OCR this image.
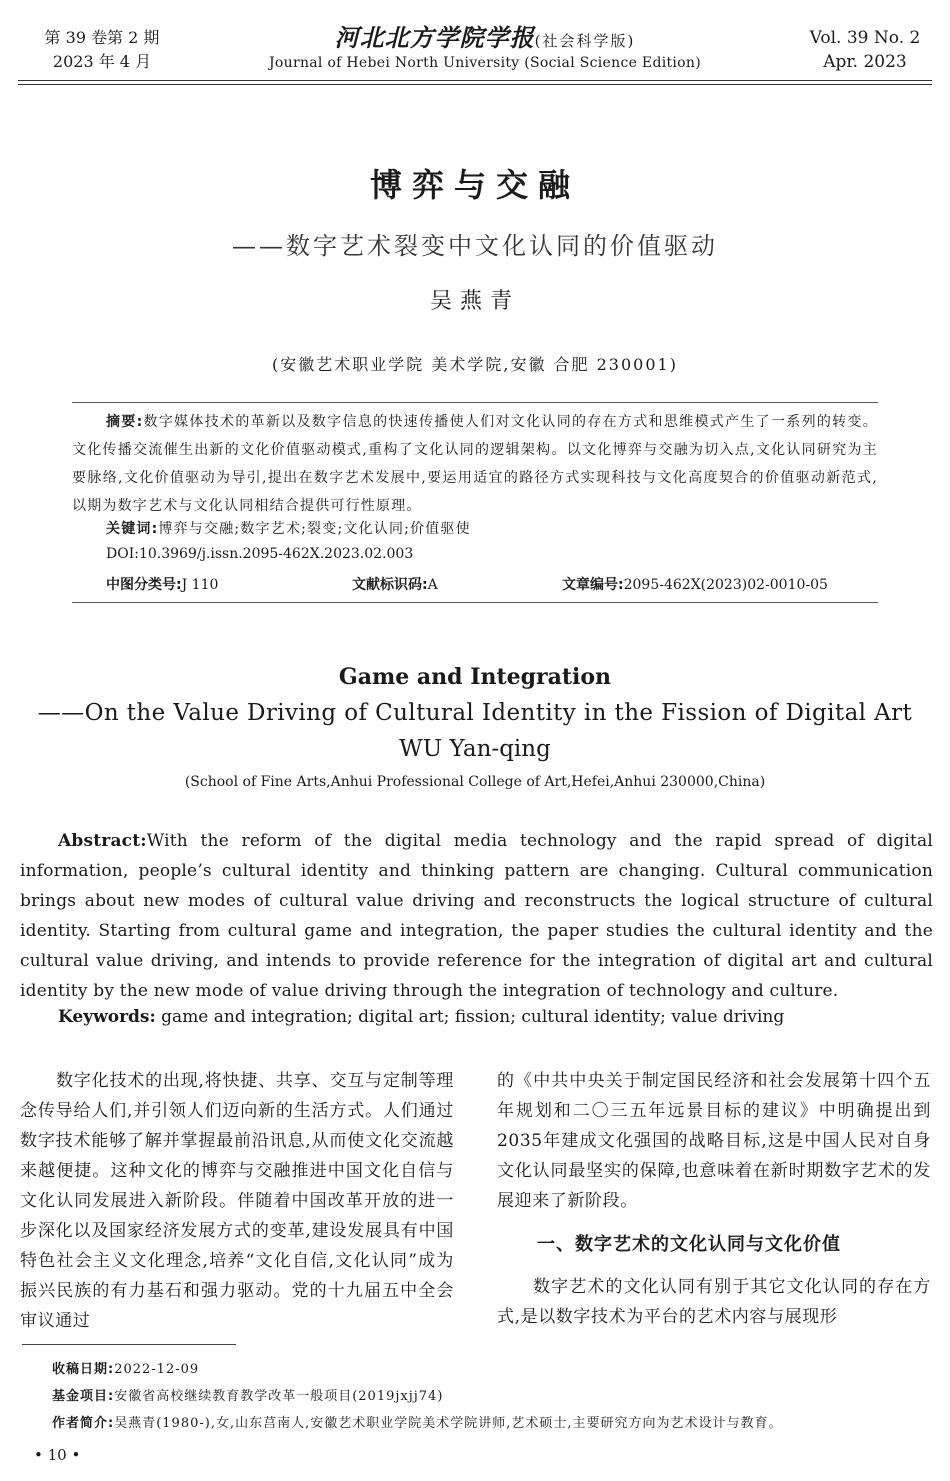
第 39 卷第 2 期
2023 年 4 月
河北北方学院学报(社会科学版)
Journal of Hebei North University (Social Science Edition)
Vol. 39 No. 2
Apr. 2023
博弈与交融
——数字艺术裂变中文化认同的价值驱动
吴燕青
(安徽艺术职业学院 美术学院,安徽 合肥 230001)
摘要:数字媒体技术的革新以及数字信息的快速传播使人们对文化认同的存在方式和思维模式产生了一系列的转变。文化传播交流催生出新的文化价值驱动模式,重构了文化认同的逻辑架构。以文化博弈与交融为切入点,文化认同研究为主要脉络,文化价值驱动为导引,提出在数字艺术发展中,要运用适宜的路径方式实现科技与文化高度契合的价值驱动新范式,以期为数字艺术与文化认同相结合提供可行性原理。
关键词:博弈与交融;数字艺术;裂变;文化认同;价值驱使
DOI:10.3969/j.issn.2095-462X.2023.02.003
中图分类号:J 110	文献标识码:A	文章编号:2095-462X(2023)02-0010-05
Game and Integration
——On the Value Driving of Cultural Identity in the Fission of Digital Art
WU Yan-qing
(School of Fine Arts,Anhui Professional College of Art,Hefei,Anhui 230000,China)
Abstract:With the reform of the digital media technology and the rapid spread of digital information, people’s cultural identity and thinking pattern are changing. Cultural communication brings about new modes of cultural value driving and reconstructs the logical structure of cultural identity. Starting from cultural game and integration, the paper studies the cultural identity and the cultural value driving, and intends to provide reference for the integration of digital art and cultural identity by the new mode of value driving through the integration of technology and culture.
Keywords: game and integration; digital art; fission; cultural identity; value driving
数字化技术的出现,将快捷、共享、交互与定制等理念传导给人们,并引领人们迈向新的生活方式。人们通过数字技术能够了解并掌握最前沿讯息,从而使文化交流越来越便捷。这种文化的博弈与交融推进中国文化自信与文化认同发展进入新阶段。伴随着中国改革开放的进一步深化以及国家经济发展方式的变革,建设发展具有中国特色社会主义文化理念,培养“文化自信,文化认同”成为振兴民族的有力基石和强力驱动。党的十九届五中全会审议通过
的《中共中央关于制定国民经济和社会发展第十四个五年规划和二〇三五年远景目标的建议》中明确提出到2035年建成文化强国的战略目标,这是中国人民对自身文化认同最坚实的保障,也意味着在新时期数字艺术的发展迎来了新阶段。
一、数字艺术的文化认同与文化价值
数字艺术的文化认同有别于其它文化认同的存在方式,是以数字技术为平台的艺术内容与展现形
收稿日期:2022-12-09
基金项目:安徽省高校继续教育教学改革一般项目(2019jxjj74)
作者简介:吴燕青(1980-),女,山东莒南人,安徽艺术职业学院美术学院讲师,艺术硕士,主要研究方向为艺术设计与教育。
• 10 •
